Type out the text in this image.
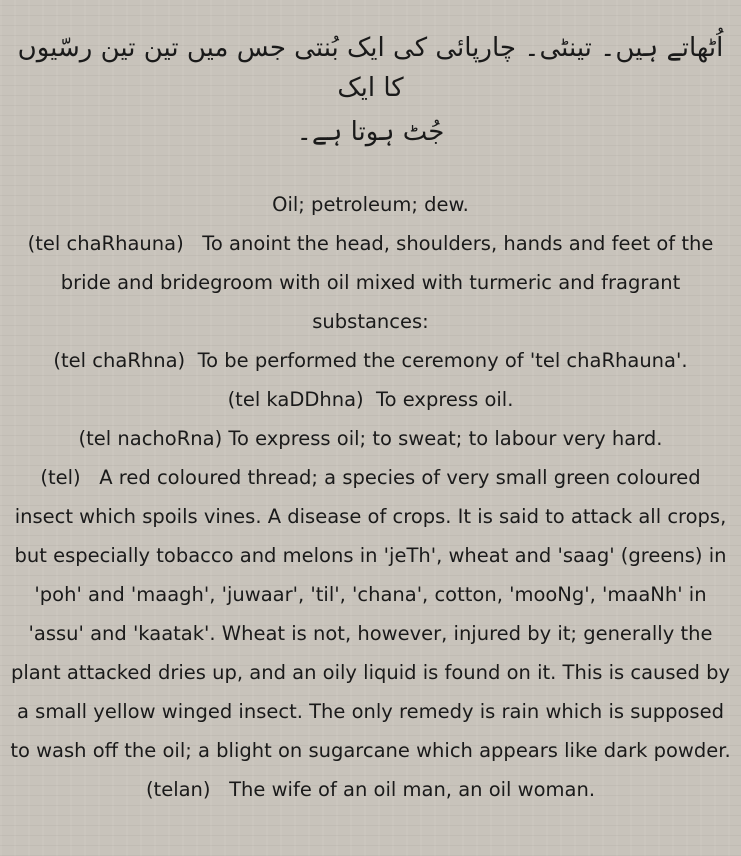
اُٹھاتے ہیں۔ تینٹی۔ چارپائی کی ایک بُنتی جس میں تین تین رسّیوں کا ایک

جُٹ ہوتا ہے۔

Oil; petroleum; dew.

(tel chaRhauna) To anoint the head, shoulders, hands and feet of the bride and bridegroom with oil mixed with turmeric and fragrant substances:

(tel chaRhna) To be performed the ceremony of 'tel chaRhauna'.

(tel kaDDhna) To express oil.

(tel nachoRna) To express oil; to sweat; to labour very hard.

(tel) A red coloured thread; a species of very small green coloured insect which spoils vines. A disease of crops. It is said to attack all crops, but especially tobacco and melons in 'jeTh', wheat and 'saag' (greens) in 'poh' and 'maagh', 'juwaar', 'til', 'chana', cotton, 'mooNg', 'maaNh' in 'assu' and 'kaatak'. Wheat is not, however, injured by it; generally the plant attacked dries up, and an oily liquid is found on it. This is caused by a small yellow winged insect. The only remedy is rain which is supposed to wash off the oil; a blight on sugarcane which appears like dark powder.

(telan) The wife of an oil man, an oil woman.
